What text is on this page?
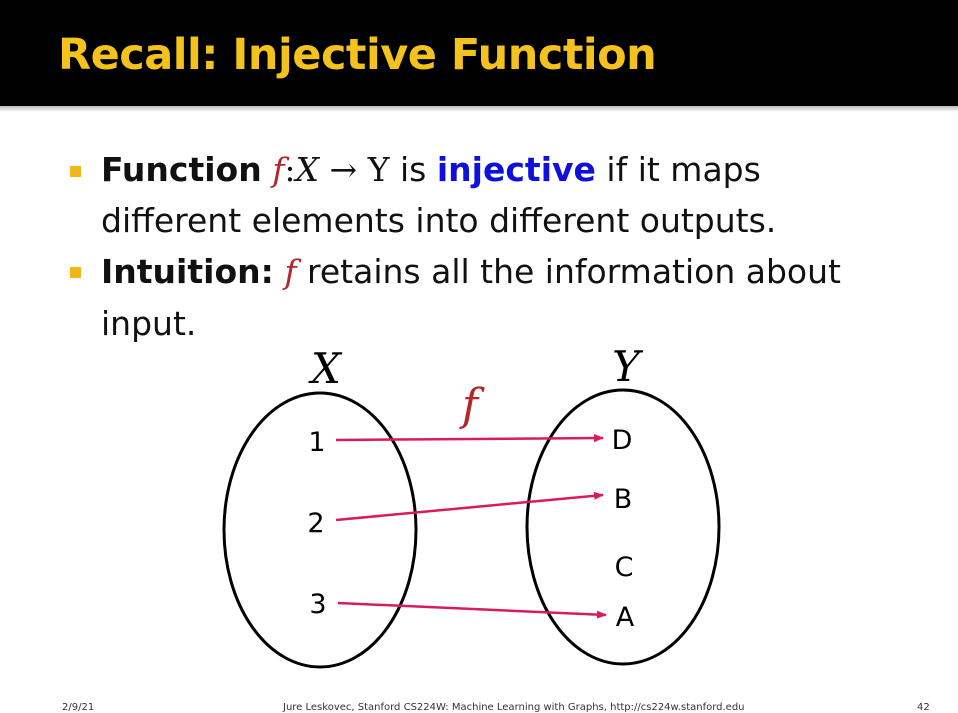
Recall: Injective Function
Function f:X → Y is injective if it maps
different elements into different outputs.
Intuition: f retains all the information about
input.
X	Y
f
1
2
3
D
B
C
A
2/9/21	Jure Leskovec, Stanford CS224W: Machine Learning with Graphs, http://cs224w.stanford.edu	42
